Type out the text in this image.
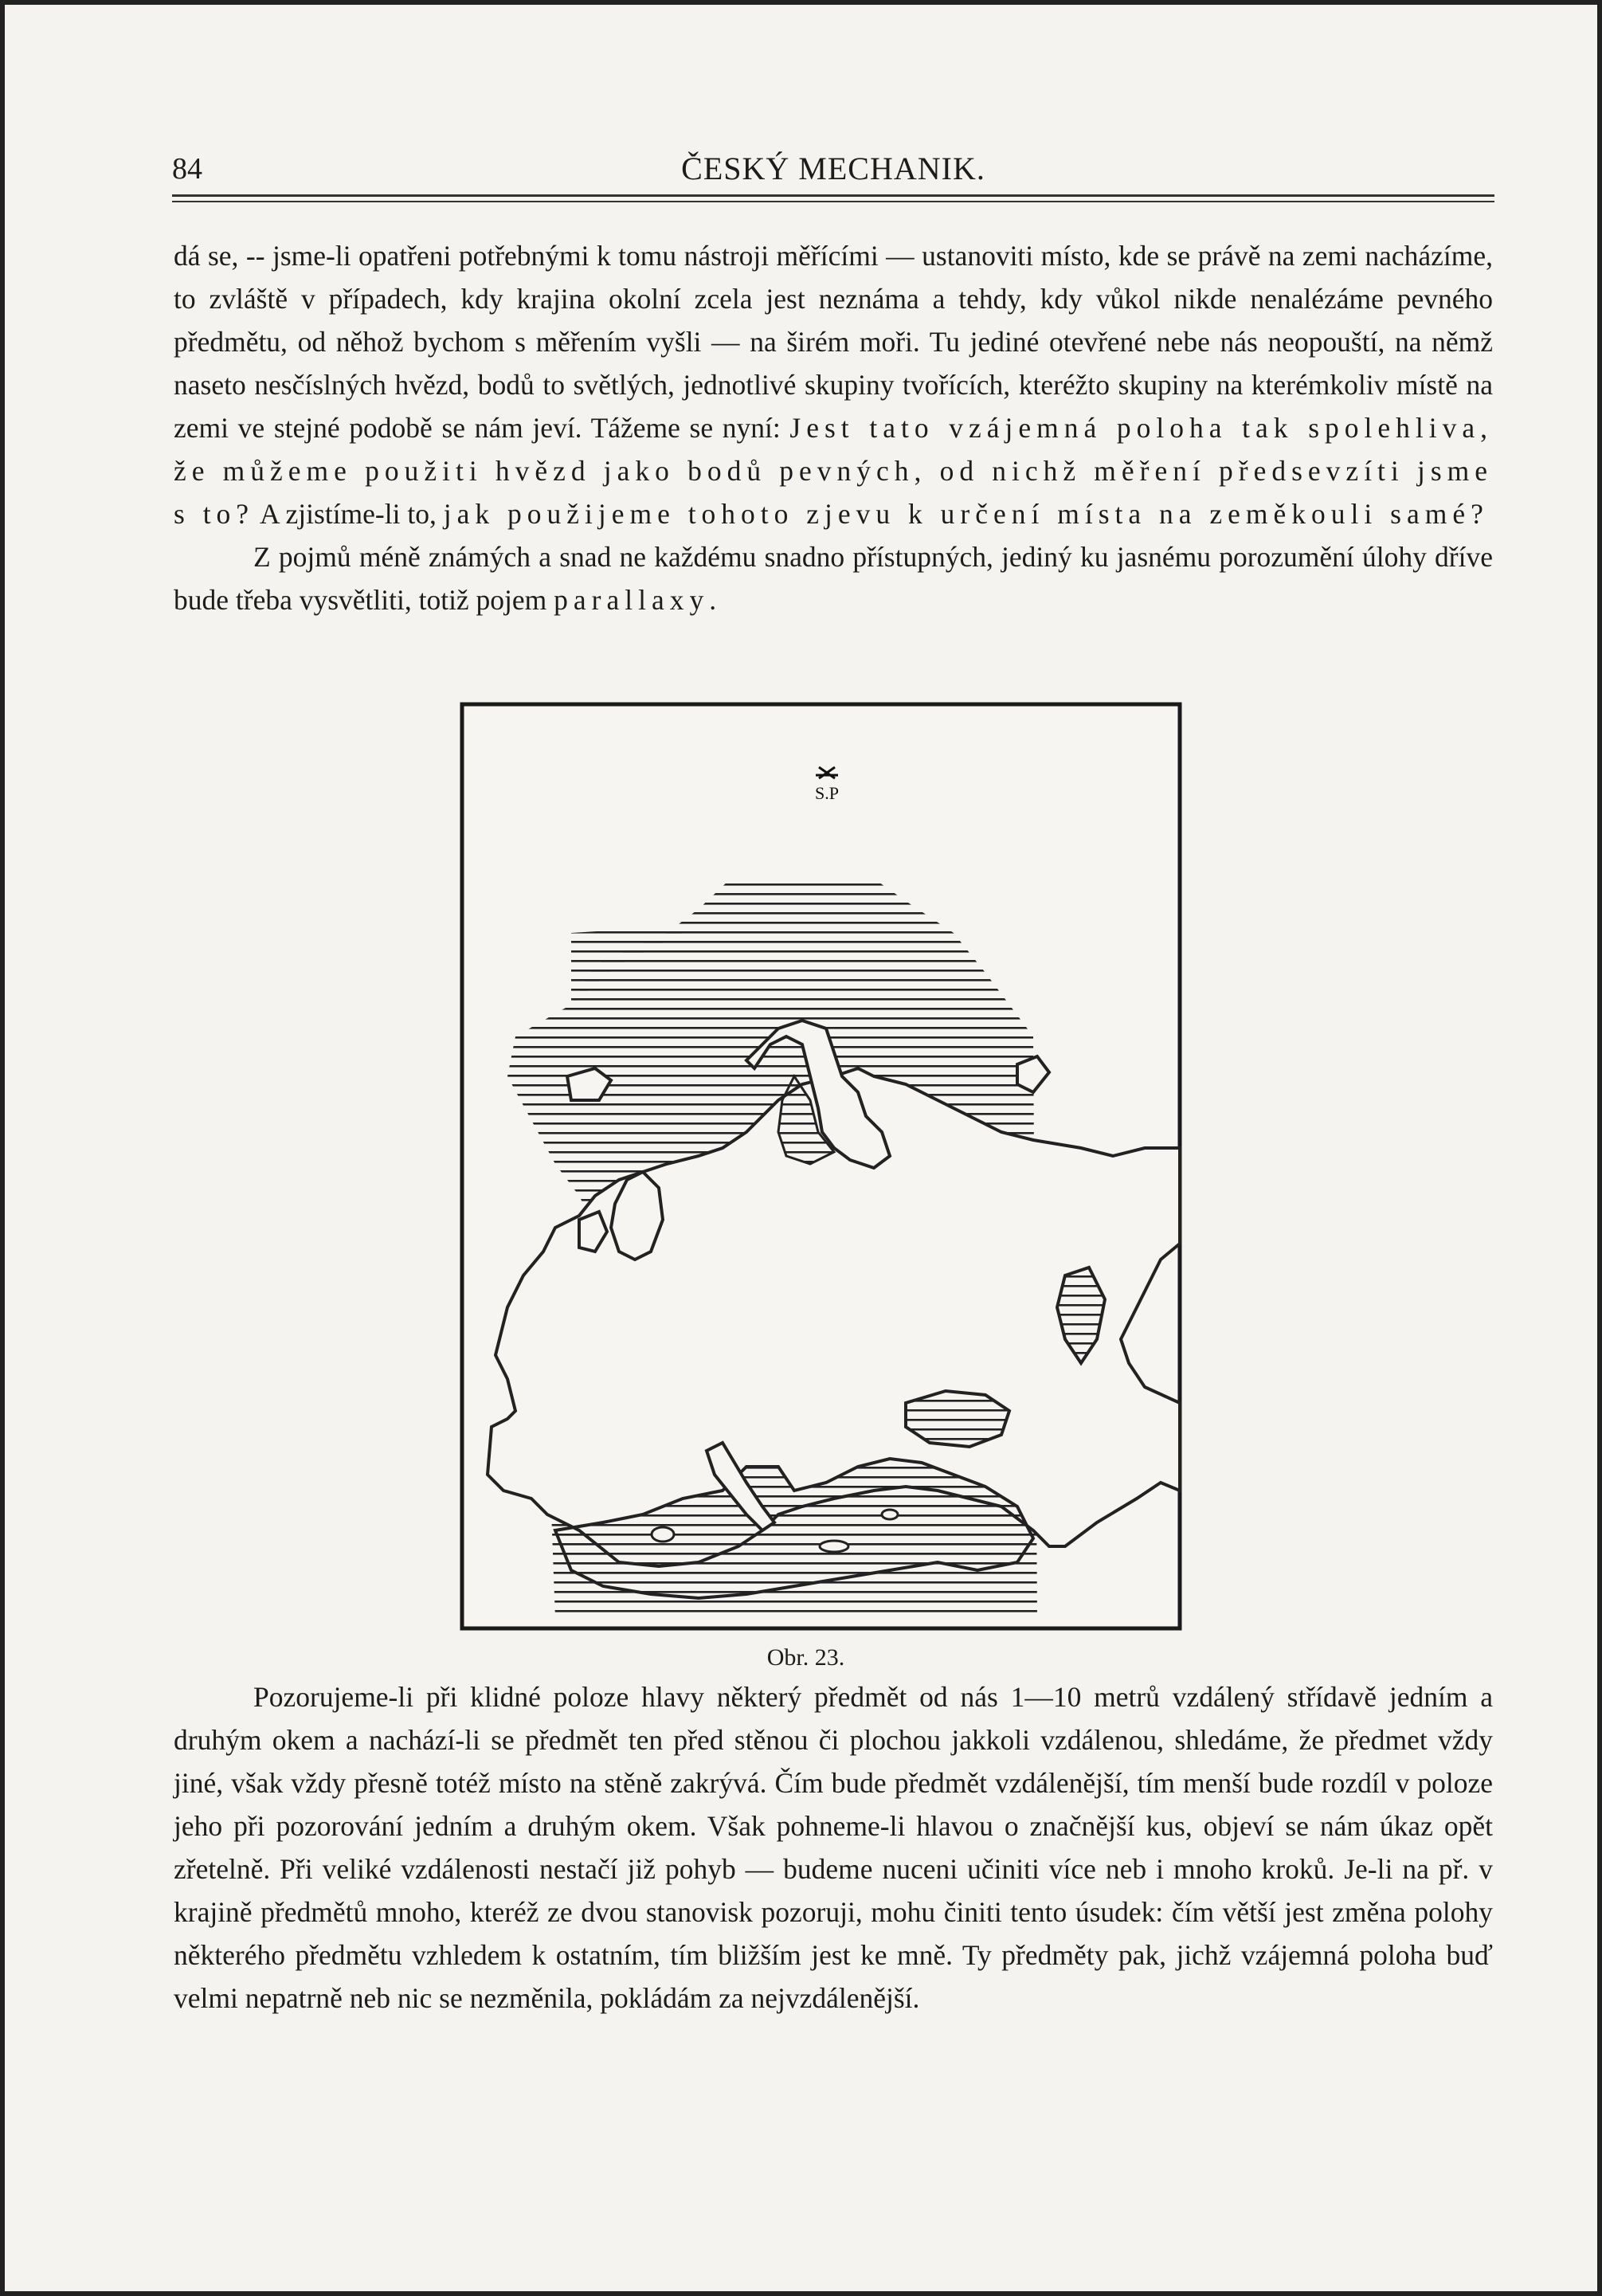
84	ČESKÝ MECHANIK.

dá se, -- jsme-li opatřeni potřebnými k tomu nástroji měřícími — ustanoviti místo, kde se právě na zemi nacházíme, to zvláště v případech, kdy krajina okolní zcela jest neznáma a tehdy, kdy vůkol nikde nenalézáme pevného předmětu, od něhož bychom s měřením vyšli — na širém moři. Tu jediné otevřené nebe nás neopouští, na němž naseto nesčíslných hvězd, bodů to světlých, jednotlivé skupiny tvořících, kteréžto skupiny na kterémkoliv místě na zemi ve stejné podobě se nám jeví. Tážeme se nyní: Jest tato vzájemná poloha tak spolehliva, že můžeme použiti hvězd jako bodů pevných, od nichž měření předsevzíti jsme s to? A zjistíme-li to, jak použijeme tohoto zjevu k určení místa na zeměkouli samé?

Z pojmů méně známých a snad ne každému snadno přístupných, jediný ku jasnému porozumění úlohy dříve bude třeba vysvětliti, totiž pojem parallaxy.

S.P
Obr. 23.

Pozorujeme-li při klidné poloze hlavy některý předmět od nás 1—10 metrů vzdálený střídavě jedním a druhým okem a nachází-li se předmět ten před stěnou či plochou jakkoli vzdálenou, shledáme, že předmet vždy jiné, však vždy přesně totéž místo na stěně zakrývá. Čím bude předmět vzdálenější, tím menší bude rozdíl v poloze jeho při pozorování jedním a druhým okem. Však pohneme-li hlavou o značnější kus, objeví se nám úkaz opět zřetelně. Při veliké vzdálenosti nestačí již pohyb — budeme nuceni učiniti více neb i mnoho kroků. Je-li na př. v krajině předmětů mnoho, kteréž ze dvou stanovisk pozoruji, mohu činiti tento úsudek: čím větší jest změna polohy některého předmětu vzhledem k ostatním, tím bližším jest ke mně. Ty předměty pak, jichž vzájemná poloha buď velmi nepatrně neb nic se nezměnila, pokládám za nejvzdálenější.
